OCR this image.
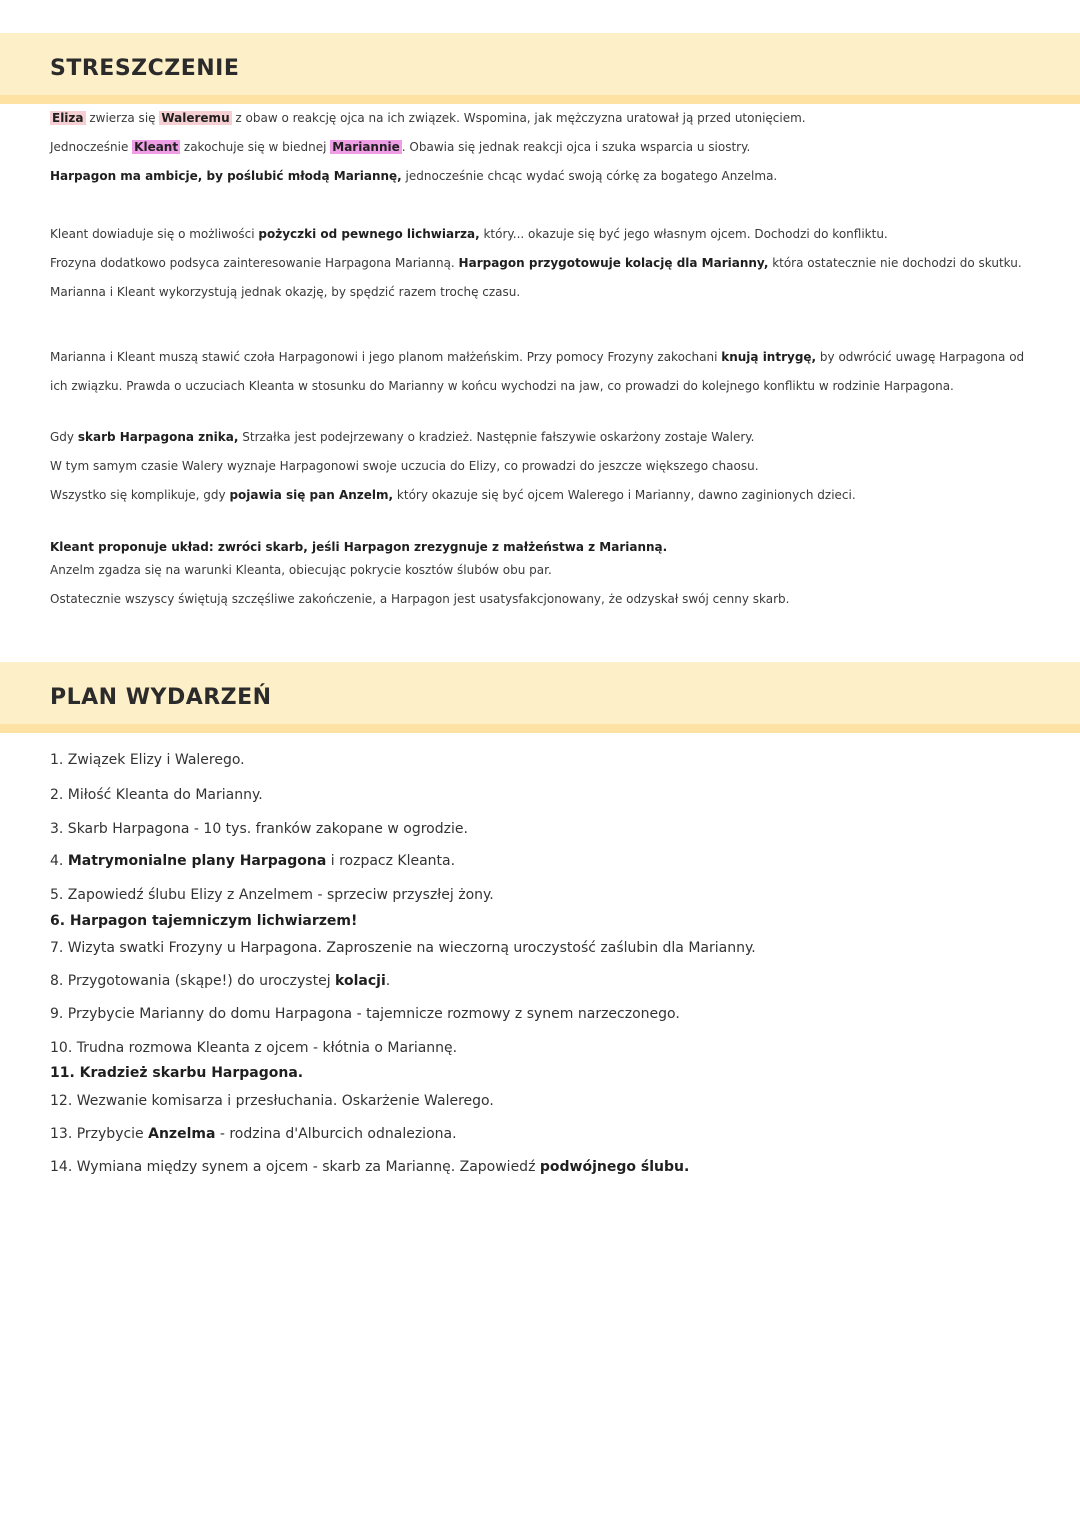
STRESZCZENIE
Eliza zwierza się Waleremu z obaw o reakcję ojca na ich związek. Wspomina, jak mężczyzna uratował ją przed utonięciem.
Jednocześnie Kleant zakochuje się w biednej Mariannie . Obawia się jednak reakcji ojca i szuka wsparcia u siostry.
Harpagon ma ambicje, by poślubić młodą Mariannę, jednocześnie chcąc wydać swoją córkę za bogatego Anzelma.
Kleant dowiaduje się o możliwości pożyczki od pewnego lichwiarza, który... okazuje się być jego własnym ojcem. Dochodzi do konfliktu.
Frozyna dodatkowo podsyca zainteresowanie Harpagona Marianną. Harpagon przygotowuje kolację dla Marianny, która ostatecznie nie dochodzi do skutku.
Marianna i Kleant wykorzystują jednak okazję, by spędzić razem trochę czasu.
Marianna i Kleant muszą stawić czoła Harpagonowi i jego planom małżeńskim. Przy pomocy Frozyny zakochani knują intrygę, by odwrócić uwagę Harpagona od ich związku. Prawda o uczuciach Kleanta w stosunku do Marianny w końcu wychodzi na jaw, co prowadzi do kolejnego konfliktu w rodzinie Harpagona.
Gdy skarb Harpagona znika, Strzałka jest podejrzewany o kradzież. Następnie fałszywie oskarżony zostaje Walery.
W tym samym czasie Walery wyznaje Harpagonowi swoje uczucia do Elizy, co prowadzi do jeszcze większego chaosu.
Wszystko się komplikuje, gdy pojawia się pan Anzelm, który okazuje się być ojcem Walerego i Marianny, dawno zaginionych dzieci.
Kleant proponuje układ: zwróci skarb, jeśli Harpagon zrezygnuje z małżeństwa z Marianną.
Anzelm zgadza się na warunki Kleanta, obiecując pokrycie kosztów ślubów obu par.
Ostatecznie wszyscy świętują szczęśliwe zakończenie, a Harpagon jest usatysfakcjonowany, że odzyskał swój cenny skarb.
PLAN WYDARZEŃ
1. Związek Elizy i Walerego.
2. Miłość Kleanta do Marianny.
3. Skarb Harpagona - 10 tys. franków zakopane w ogrodzie.
4. Matrymonialne plany Harpagona i rozpacz Kleanta.
5. Zapowiedź ślubu Elizy z Anzelmem - sprzeciw przyszłej żony.
6. Harpagon tajemniczym lichwiarzem!
7. Wizyta swatki Frozyny u Harpagona. Zaproszenie na wieczorną uroczystość zaślubin dla Marianny.
8. Przygotowania (skąpe!) do uroczystej kolacji.
9. Przybycie Marianny do domu Harpagona - tajemnicze rozmowy z synem narzeczonego.
10. Trudna rozmowa Kleanta z ojcem - kłótnia o Mariannę.
11. Kradzież skarbu Harpagona.
12. Wezwanie komisarza i przesłuchania. Oskarżenie Walerego.
13. Przybycie Anzelma - rodzina d'Alburcich odnaleziona.
14. Wymiana między synem a ojcem - skarb za Mariannę. Zapowiedź podwójnego ślubu.
